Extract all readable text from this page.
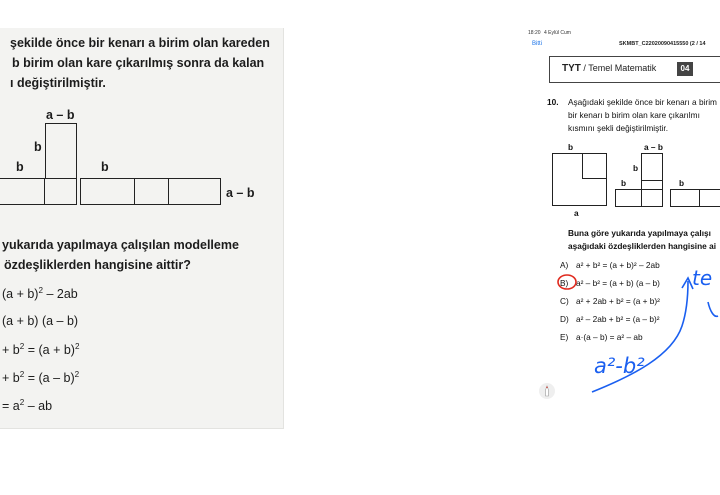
şekilde önce bir kenarı a birim olan kareden
b birim olan kare çıkarılmış sonra da kalan
ı değiştirilmiştir.
a – b
b
b	b
a – b
yukarıda yapılmaya çalışılan modelleme
özdeşliklerden hangisine aittir?
$(a + b)^2 - 2ab$
(a + b) (a – b)
+ $b^2 = (a + b)^2$
+ $b^2 = (a - b)^2$
= $a^2$ – ab
18:20 4 Eylül Cum
Bitti	SKMBT_C22020090415550 (2 / 14
TYT / Temel Matematik	04
10. Aşağıdaki şekilde önce bir kenarı a birim
bir kenarı b birim olan kare çıkarılmı
kısmını şekli değiştirilmiştir.
b
a
a – b
b
b	b
Buna göre yukarıda yapılmaya çalışı
aşağıdaki özdeşliklerden hangisine ai
A) a² + b² = (a + b)² – 2ab
B) a² – b² = (a + b) (a – b)
C) a² + 2ab + b² = (a + b)²
D) a² – 2ab + b² = (a – b)²
E) a·(a – b) = a² – ab
a²-b²
te
